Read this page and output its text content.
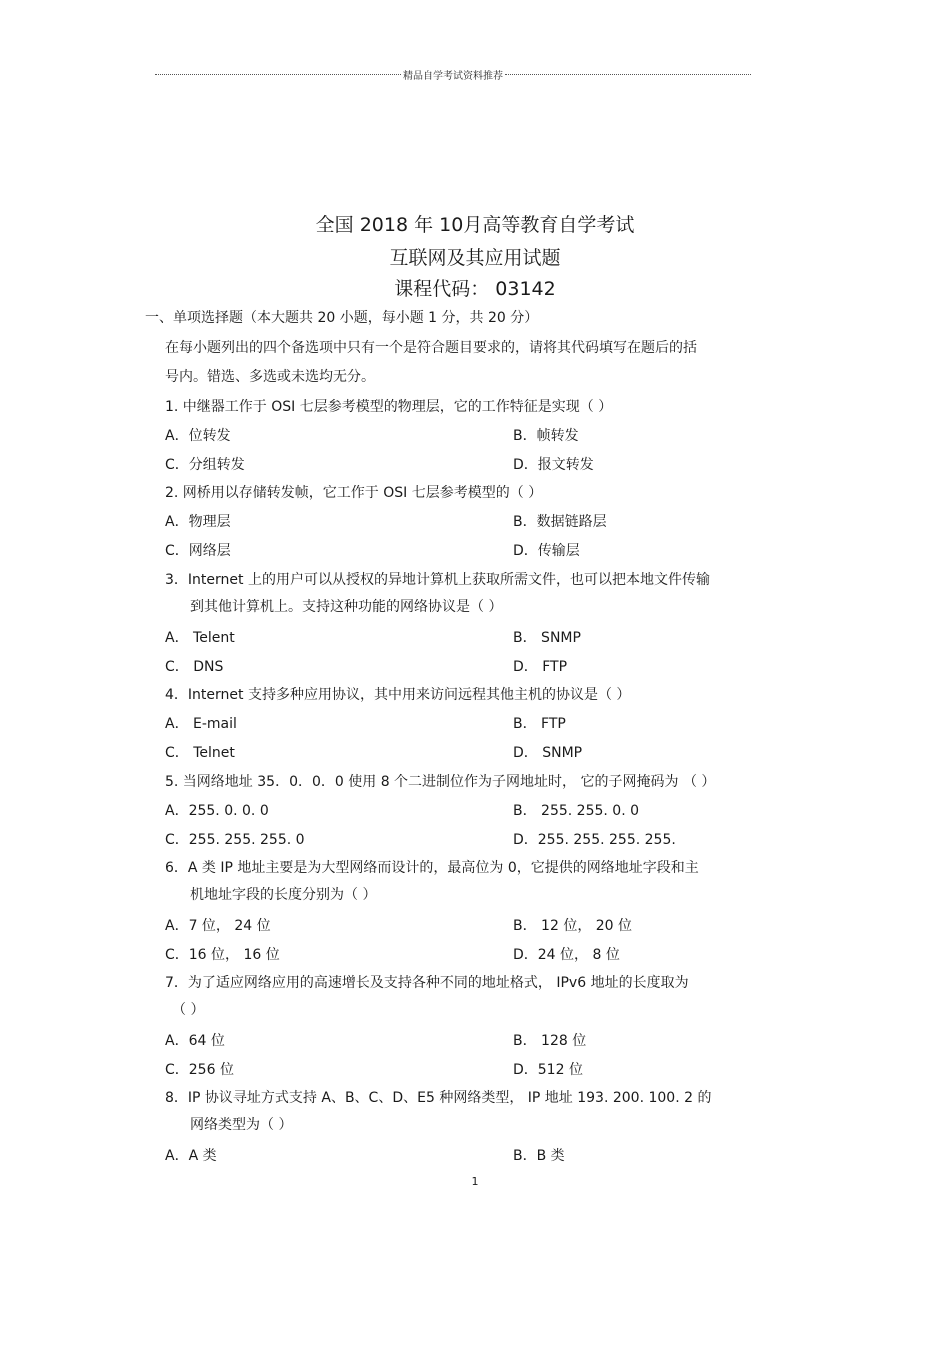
精品自学考试资料推荐
全国 2018 年 10月高等教育自学考试
互联网及其应用试题
课程代码： 03142
一、单项选择题（本大题共 20 小题，每小题 1 分，共 20 分）
在每小题列出的四个备选项中只有一个是符合题目要求的，请将其代码填写在题后的括
号内。错选、多选或未选均无分。
1. 中继器工作于 OSI 七层参考模型的物理层，它的工作特征是实现（ ）
A．位转发	B．帧转发
C．分组转发	D．报文转发
2. 网桥用以存储转发帧，它工作于 OSI 七层参考模型的（ ）
A．物理层	B．数据链路层
C．网络层	D．传输层
3．Internet 上的用户可以从授权的异地计算机上获取所需文件，也可以把本地文件传输
到其他计算机上。支持这种功能的网络协议是（ ）
A． Telent	B． SNMP
C． DNS	D． FTP
4．Internet 支持多种应用协议，其中用来访问远程其他主机的协议是（ ）
A． E-mail	B． FTP
C． Telnet	D． SNMP
5. 当网络地址 35．0．0．0 使用 8 个二进制位作为子网地址时， 它的子网掩码为 （ ）
A．255. 0. 0. 0	B． 255. 255. 0. 0
C．255. 255. 255. 0	D．255. 255. 255. 255.
6．A 类 IP 地址主要是为大型网络而设计的，最高位为 0，它提供的网络地址字段和主
机地址字段的长度分别为（ ）
A．7 位， 24 位	B． 12 位， 20 位
C．16 位， 16 位	D．24 位， 8 位
7．为了适应网络应用的高速增长及支持各种不同的地址格式， IPv6 地址的长度取为
（ ）
A．64 位	B． 128 位
C．256 位	D．512 位
8．IP 协议寻址方式支持 A、B、C、D、E5 种网络类型， IP 地址 193. 200. 100. 2 的
网络类型为（ ）
A．A 类	B．B 类
1
